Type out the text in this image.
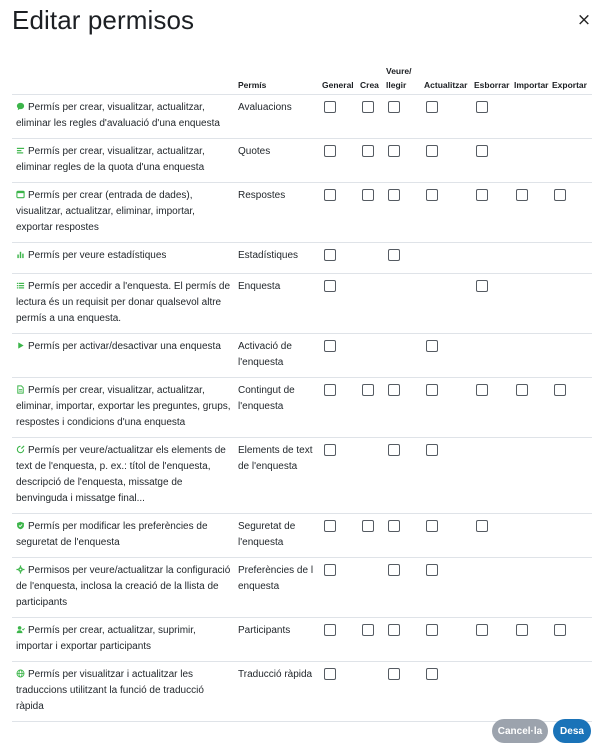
Editar permisos	×
	Permís	General	Crea	Veure/ llegir	Actualitzar	Esborrar	Importar	Exportar

Permís per crear, visualitzar, actualitzar, eliminar les regles d'avaluació d'una enquesta	Avaluacions							

Permís per crear, visualitzar, actualitzar, eliminar regles de la quota d'una enquesta	Quotes							

Permís per crear (entrada de dades), visualitzar, actualitzar, eliminar, importar, exportar respostes	Respostes							

Permís per veure estadístiques	Estadístiques							

Permís per accedir a l'enquesta. El permís de lectura és un requisit per donar qualsevol altre permís a una enquesta.	Enquesta							

Permís per activar/desactivar una enquesta	Activació de l'enquesta							

Permís per crear, visualitzar, actualitzar, eliminar, importar, exportar les preguntes, grups, respostes i condicions d'una enquesta	Contingut de l'enquesta							

Permís per veure/actualitzar els elements de text de l'enquesta, p. ex.: títol de l'enquesta, descripció de l'enquesta, missatge de benvinguda i missatge final...	Elements de text de l'enquesta							

Permís per modificar les preferències de seguretat de l'enquesta	Seguretat de l'enquesta							

Permisos per veure/actualitzar la configuració de l'enquesta, inclosa la creació de la llista de participants	Preferències de l enquesta							

Permís per crear, actualitzar, suprimir, importar i exportar participants	Participants							

Permís per visualitzar i actualitzar les traduccions utilitzant la funció de traducció ràpida	Traducció ràpida							
Cancel·la	Desa
